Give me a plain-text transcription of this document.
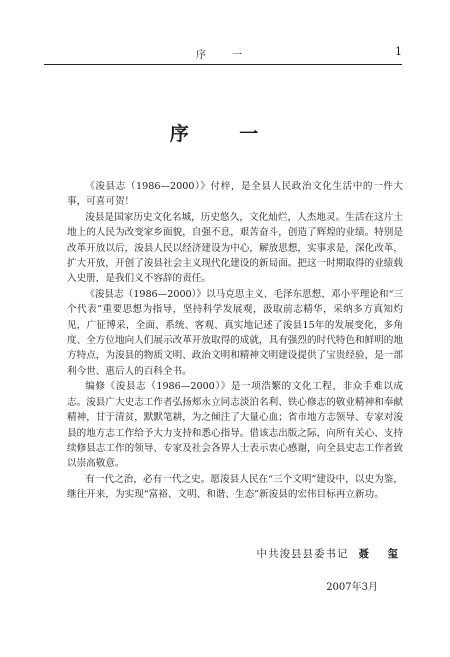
序　一	1
序 一

《浚县志（1986—2000）》付梓，是全县人民政治文化生活中的一件大事，可喜可贺！

浚县是国家历史文化名城，历史悠久，文化灿烂，人杰地灵。生活在这片土地上的人民为改变家乡面貌，自强不息，艰苦奋斗，创造了辉煌的业绩。特别是改革开放以后，浚县人民以经济建设为中心，解放思想，实事求是，深化改革，扩大开放，开创了浚县社会主义现代化建设的新局面。把这一时期取得的业绩载入史册，是我们义不容辞的责任。

《浚县志（1986—2000）》以马克思主义、毛泽东思想、邓小平理论和“三个代表”重要思想为指导，坚持科学发展观，汲取前志精华，采纳多方真知灼见，广征博采，全面、系统、客观、真实地记述了浚县15年的发展变化，多角度、全方位地向人们展示改革开放取得的成就，具有强烈的时代特色和鲜明的地方特点，为浚县的物质文明、政治文明和精神文明建设提供了宝贵经验，是一部利今世、惠后人的百科全书。

编修《浚县志（1986—2000）》是一项浩繁的文化工程，非众手难以成志。浚县广大史志工作者弘扬郏永立同志淡泊名利、铁心修志的敬业精神和奉献精神，甘于清贫，默默笔耕，为之倾注了大量心血；省市地方志领导、专家对浚县的地方志工作给予大力支持和悉心指导。借该志出版之际，向所有关心、支持续修县志工作的领导、专家及社会各界人士表示衷心感谢，向全县史志工作者致以崇高敬意。

有一代之治，必有一代之史。愿浚县人民在“三个文明”建设中，以史为鉴，继往开来，为实现“富裕、文明、和谐、生态”新浚县的宏伟目标再立新功。

中共浚县县委书记 聂　玺
2007年3月
